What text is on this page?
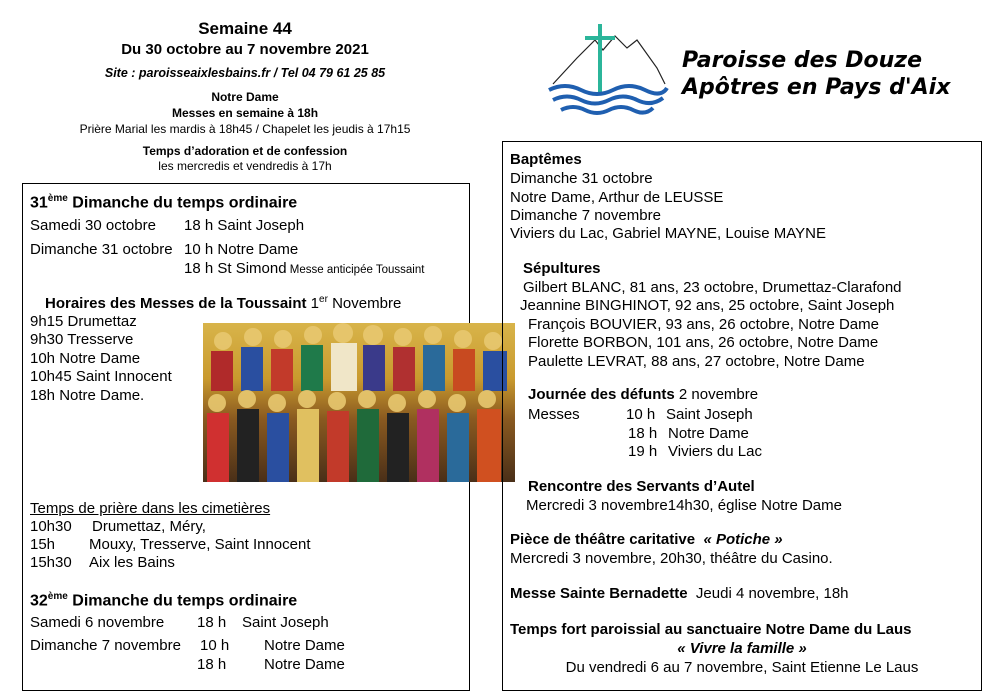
Semaine 44
Du 30 octobre au 7 novembre 2021
Site : paroisseaixlesbains.fr / Tel 04 79 61 25 85
Notre Dame
Messes en semaine à 18h
Prière Marial les mardis à 18h45 / Chapelet les jeudis à 17h15
Temps d’adoration et de confession
les mercredis et vendredis à 17h
Paroisse des Douze
Apôtres en Pays d'Aix
31ème Dimanche du temps ordinaire
Samedi 30 octobre 18 h Saint Joseph
Dimanche 31 octobre 10 h Notre Dame
18 h St Simond Messe anticipée Toussaint
Horaires des Messes de la Toussaint 1er Novembre
9h15 Drumettaz
9h30 Tresserve
10h Notre Dame
10h45 Saint Innocent
18h Notre Dame.
Temps de prière dans les cimetières
10h30 Drumettaz, Méry,
15h Mouxy, Tresserve, Saint Innocent
15h30 Aix les Bains
32ème Dimanche du temps ordinaire
Samedi 6 novembre 18 h Saint Joseph
Dimanche 7 novembre 10 h Notre Dame
18 h	Notre Dame
Baptêmes
Dimanche 31 octobre
Notre Dame, Arthur de LEUSSE
Dimanche 7 novembre
Viviers du Lac, Gabriel MAYNE, Louise MAYNE
Sépultures
Gilbert BLANC, 81 ans, 23 octobre, Drumettaz-Clarafond
Jeannine BINGHINOT, 92 ans, 25 octobre, Saint Joseph
François BOUVIER, 93 ans, 26 octobre, Notre Dame
Florette BORBON, 101 ans, 26 octobre, Notre Dame
Paulette LEVRAT, 88 ans, 27 octobre, Notre Dame
Journée des défunts 2 novembre
Messes	10 h Saint Joseph
18 h Notre Dame
19 h Viviers du Lac
Rencontre des Servants d’Autel
Mercredi 3 novembre14h30, église Notre Dame
Pièce de théâtre caritative « Potiche »
Mercredi 3 novembre, 20h30, théâtre du Casino.
Messe Sainte Bernadette Jeudi 4 novembre, 18h
Temps fort paroissial au sanctuaire Notre Dame du Laus
« Vivre la famille »
Du vendredi 6 au 7 novembre, Saint Etienne Le Laus
